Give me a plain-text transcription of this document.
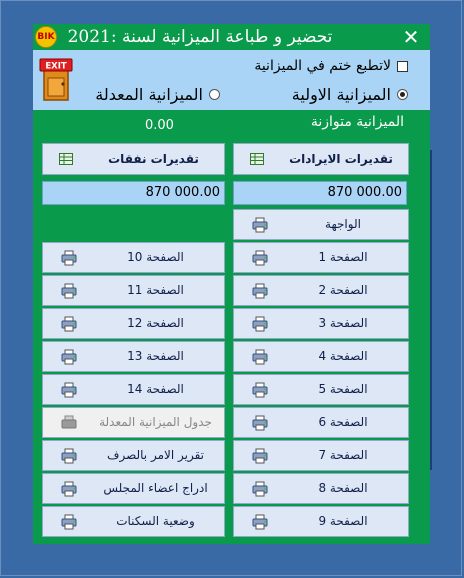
BIK تحضير و طباعة الميزانية لسنة :2021	✕
EXIT	لاتطبع ختم في الميزانية
الميزانية الاولية
الميزانية المعدلة
الميزانية متوازنة
0.00
تقديرات نفقات	تقديرات الايرادات
870 000.00	870 000.00
الواجهة
الصفحة 1
الصفحة 2
الصفحة 3
الصفحة 4
الصفحة 5
الصفحة 6
الصفحة 7
الصفحة 8
الصفحة 9
الصفحة 10
الصفحة 11
الصفحة 12
الصفحة 13
الصفحة 14
جدول الميزانية المعدلة
تقرير الامر بالصرف
ادراج اعضاء المجلس
وضعية السكنات
